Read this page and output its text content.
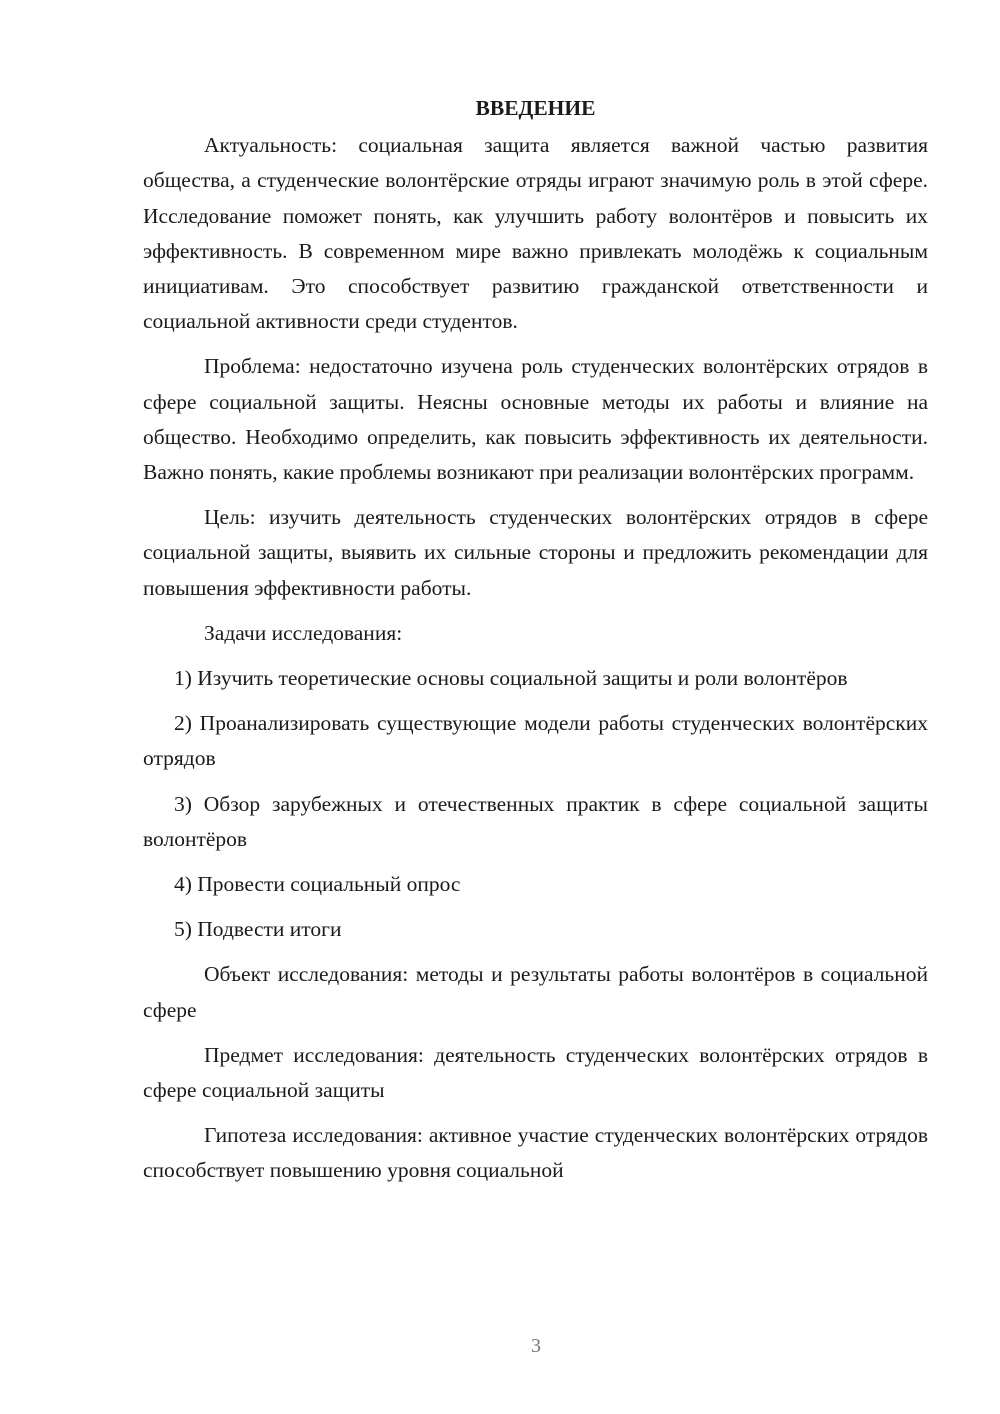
ВВЕДЕНИЕ

Актуальность: социальная защита является важной частью развития общества, а студенческие волонтёрские отряды играют значимую роль в этой сфере. Исследование поможет понять, как улучшить работу волонтёров и повысить их эффективность. В современном мире важно привлекать молодёжь к социальным инициативам. Это способствует развитию гражданской ответственности и социальной активности среди студентов.

Проблема: недостаточно изучена роль студенческих волонтёрских отрядов в сфере социальной защиты. Неясны основные методы их работы и влияние на общество. Необходимо определить, как повысить эффективность их деятельности. Важно понять, какие проблемы возникают при реализации волонтёрских программ.

Цель: изучить деятельность студенческих волонтёрских отрядов в сфере социальной защиты, выявить их сильные стороны и предложить рекомендации для повышения эффективности работы.

Задачи исследования:

1) Изучить теоретические основы социальной защиты и роли волонтёров

2) Проанализировать существующие модели работы студенческих волонтёрских отрядов

3) Обзор зарубежных и отечественных практик в сфере социальной защиты волонтёров

4) Провести социальный опрос

5) Подвести итоги

Объект исследования: методы и результаты работы волонтёров в социальной сфере

Предмет исследования: деятельность студенческих волонтёрских отрядов в сфере социальной защиты

Гипотеза исследования: активное участие студенческих волонтёрских отрядов способствует повышению уровня социальной

3
